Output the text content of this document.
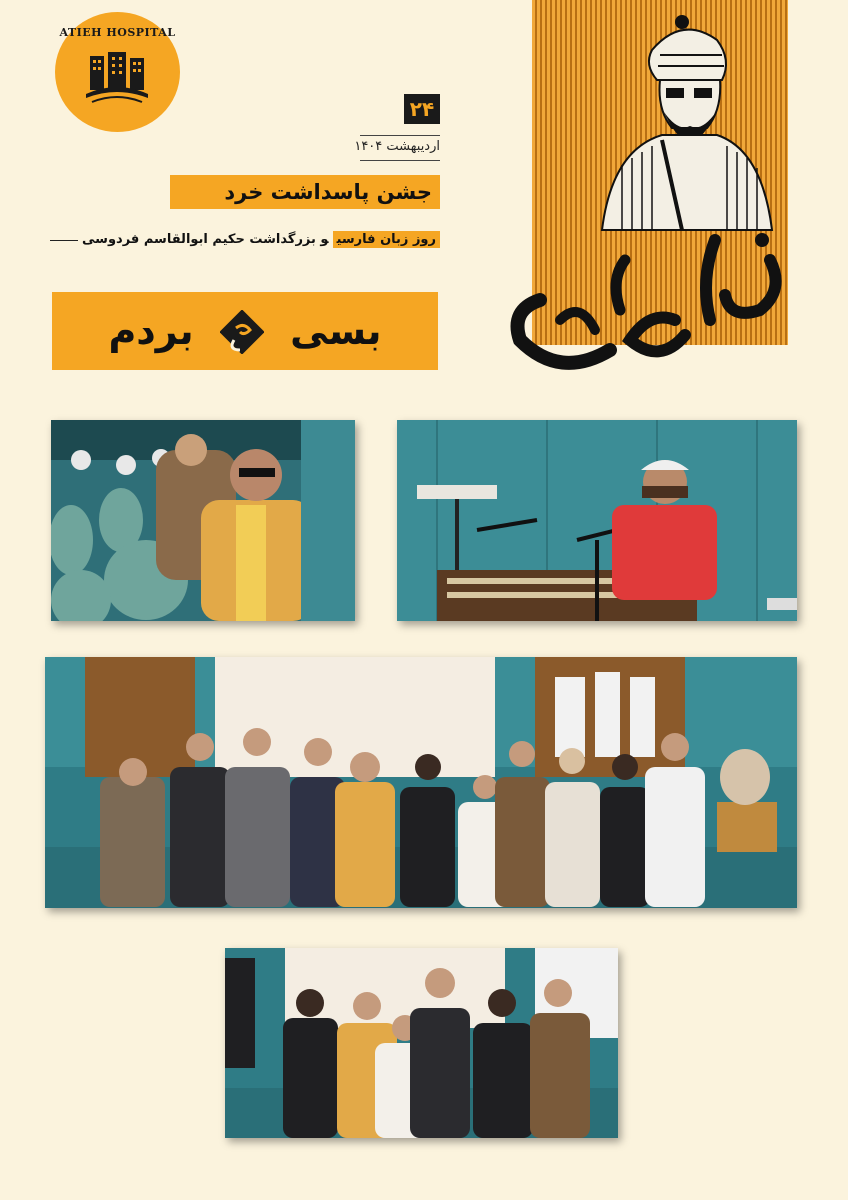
ATIEH HOSPITAL
۲۴
اردیبهشت ۱۴۰۴
جشن پاسداشت خرد
روز زبان فارسیو بزرگداشت حکیم ابوالقاسم فردوسی
بسی  بردم
